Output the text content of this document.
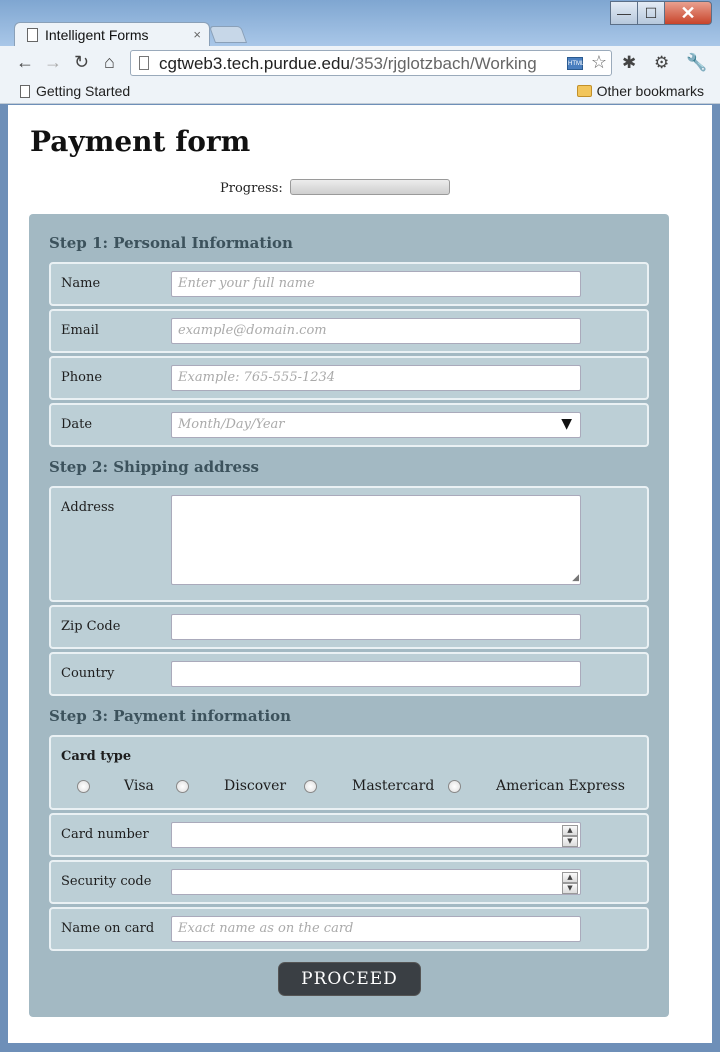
Intelligent Forms	×
— ☐	✕
← → ↻ ⌂	cgtweb3.tech.purdue.edu/353/rjglotzbach/Working	HTML ☆ ✱ ⚙ 🔧
Getting Started	Other bookmarks
Payment form
Progress:
Step 1: Personal Information
Name	Enter your full name
Email	example@domain.com
Phone	Example: 765-555-1234
Date	Month/Day/Year	▼
Step 2: Shipping address
Address
◢
Zip Code
Country
Step 3: Payment information
Card type
Visa	Discover	Mastercard	American Express
Card number	▲
▼
Security code	▲
▼
Name on card	Exact name as on the card
PROCEED
